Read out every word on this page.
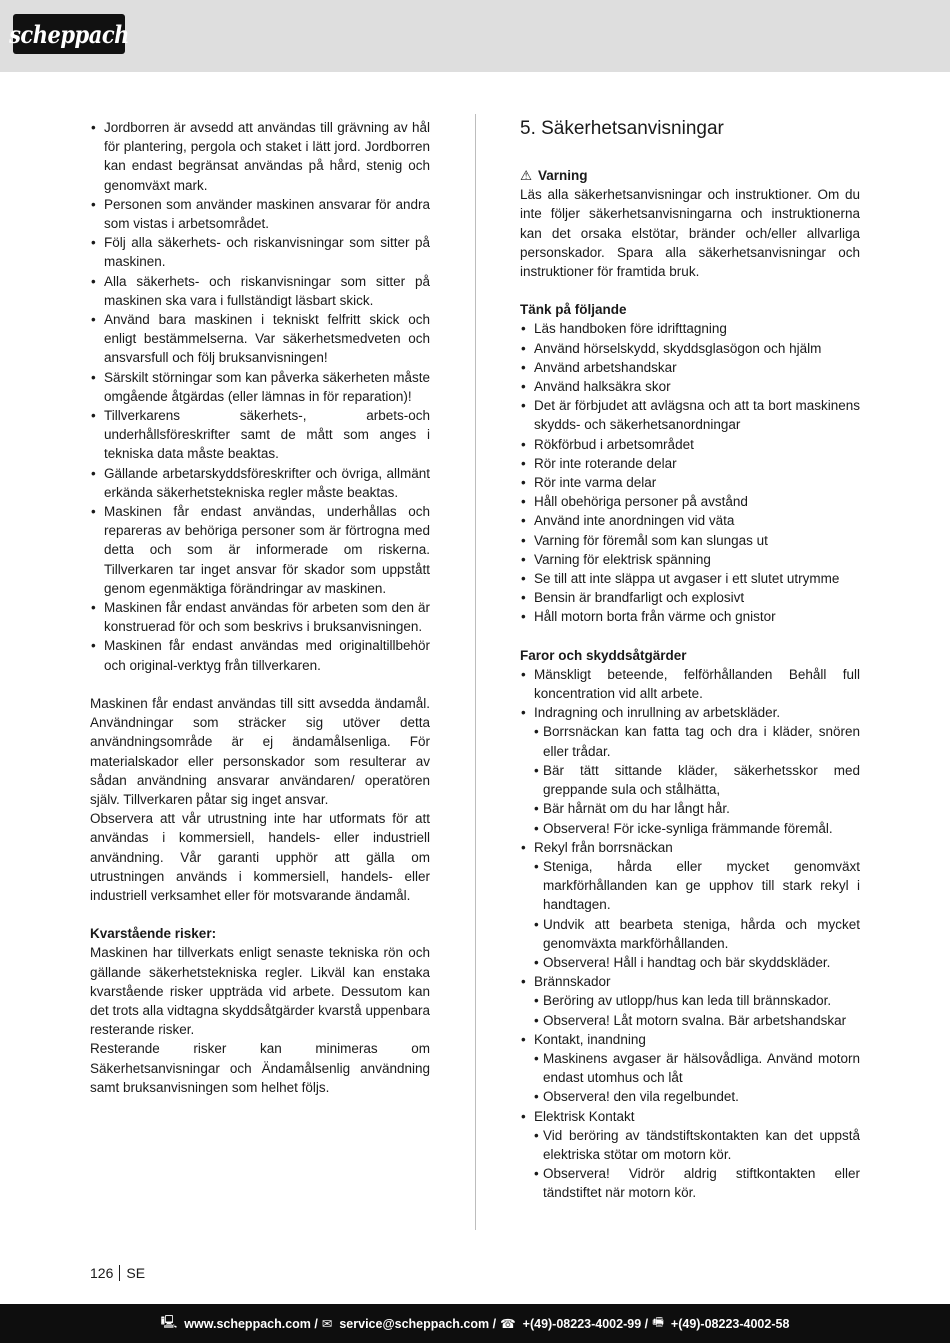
scheppach
• Jordborren är avsedd att användas till grävning av hål för plantering, pergola och staket i lätt jord. Jordborren kan endast begränsat användas på hård, stenig och genomväxt mark.
• Personen som använder maskinen ansvarar för andra som vistas i arbetsområdet.
• Följ alla säkerhets- och riskanvisningar som sitter på maskinen.
• Alla säkerhets- och riskanvisningar som sitter på maskinen ska vara i fullständigt läsbart skick.
• Använd bara maskinen i tekniskt felfritt skick och enligt bestämmelserna. Var säkerhetsmedveten och ansvarsfull och följ bruksanvisningen!
• Särskilt störningar som kan påverka säkerheten måste omgående åtgärdas (eller lämnas in för reparation)!
• Tillverkarens säkerhets-, arbets-och underhållsföreskrifter samt de mått som anges i tekniska data måste beaktas.
• Gällande arbetarskyddsföreskrifter och övriga, allmänt erkända säkerhetstekniska regler måste beaktas.
• Maskinen får endast användas, underhållas och repareras av behöriga personer som är förtrogna med detta och som är informerade om riskerna. Tillverkaren tar inget ansvar för skador som uppstått genom egenmäktiga förändringar av maskinen.
• Maskinen får endast användas för arbeten som den är konstruerad för och som beskrivs i bruksanvisningen.
• Maskinen får endast användas med originaltillbehör och original-verktyg från tillverkaren.

Maskinen får endast användas till sitt avsedda ändamål. Användningar som sträcker sig utöver detta användningsområde är ej ändamålsenliga. För materialskador eller personskador som resulterar av sådan användning ansvarar användaren/ operatören själv. Tillverkaren påtar sig inget ansvar.

Observera att vår utrustning inte har utformats för att användas i kommersiell, handels- eller industriell användning. Vår garanti upphör att gälla om utrustningen används i kommersiell, handels- eller industriell verksamhet eller för motsvarande ändamål.

Kvarstående risker:

Maskinen har tillverkats enligt senaste tekniska rön och gällande säkerhetstekniska regler. Likväl kan enstaka kvarstående risker uppträda vid arbete. Dessutom kan det trots alla vidtagna skyddsåtgärder kvarstå uppenbara resterande risker.

Resterande risker kan minimeras om Säkerhetsanvisningar och Ändamålsenlig användning samt bruksanvisningen som helhet följs.

5. Säkerhetsanvisningar
⚠ Varning

Läs alla säkerhetsanvisningar och instruktioner. Om du inte följer säkerhetsanvisningarna och instruktionerna kan det orsaka elstötar, bränder och/eller allvarliga personskador. Spara alla säkerhetsanvisningar och instruktioner för framtida bruk.

Tänk på följande

• Läs handboken före idrifttagning
• Använd hörselskydd, skyddsglasögon och hjälm
• Använd arbetshandskar
• Använd halksäkra skor
• Det är förbjudet att avlägsna och att ta bort maskinens skydds- och säkerhetsanordningar
• Rökförbud i arbetsområdet
• Rör inte roterande delar
• Rör inte varma delar
• Håll obehöriga personer på avstånd
• Använd inte anordningen vid väta
• Varning för föremål som kan slungas ut
• Varning för elektrisk spänning
• Se till att inte släppa ut avgaser i ett slutet utrymme
• Bensin är brandfarligt och explosivt
• Håll motorn borta från värme och gnistor

Faror och skyddsåtgärder

• Mänskligt beteende, felförhållanden Behåll full koncentration vid allt arbete.
• Indragning och inrullning av arbetskläder.
• Borrsnäckan kan fatta tag och dra i kläder, snören eller trådar.
• Bär tätt sittande kläder, säkerhetsskor med greppande sula och stålhätta,
• Bär hårnät om du har långt hår.
• Observera! För icke-synliga främmande föremål.
• Rekyl från borrsnäckan
• Steniga, hårda eller mycket genomväxt markförhållanden kan ge upphov till stark rekyl i handtagen.
• Undvik att bearbeta steniga, hårda och mycket genomväxta markförhållanden.
• Observera! Håll i handtag och bär skyddskläder.
• Brännskador
• Beröring av utlopp/hus kan leda till brännskador.
• Observera! Låt motorn svalna. Bär arbetshandskar
• Kontakt, inandning
• Maskinens avgaser är hälsovådliga. Använd motorn endast utomhus och låt
• Observera! den vila regelbundet.
• Elektrisk Kontakt
• Vid beröring av tändstiftskontakten kan det uppstå elektriska stötar om motorn kör.
• Observera! Vidrör aldrig stiftkontakten eller tändstiftet när motorn kör.
126 SE
🖳 www.scheppach.com / ✉ service@scheppach.com / ☎ +(49)-08223-4002-99 / 🖷 +(49)-08223-4002-58
